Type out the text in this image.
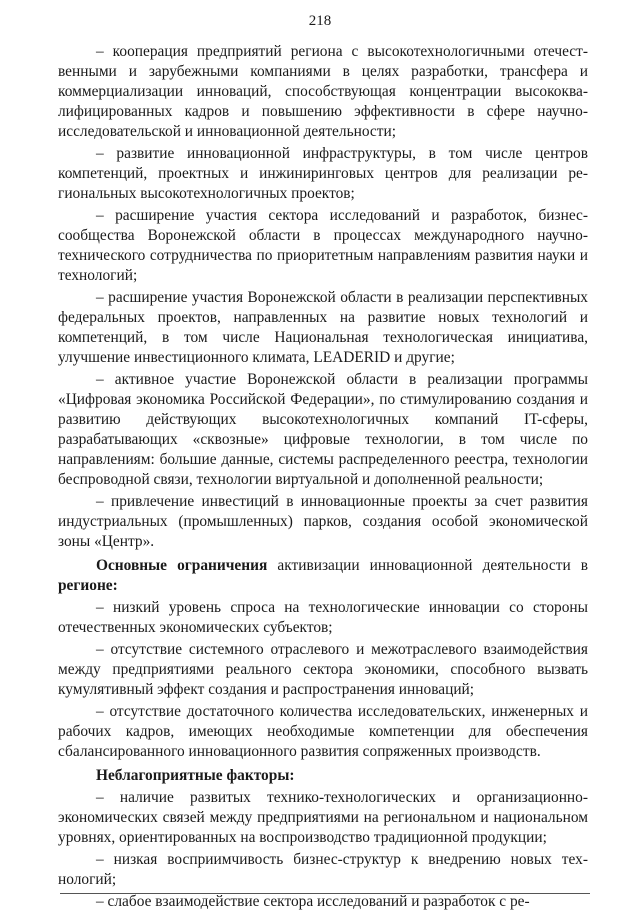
218

– кооперация предприятий региона с высокотехнологичными отечественными и зарубежными компаниями в целях разработки, трансфера и коммерциализации инноваций, способствующая концентрации высококвалифицированных кадров и повышению эффективности в сфере научно-исследовательской и инновационной деятельности;

– развитие инновационной инфраструктуры, в том числе центров компетенций, проектных и инжиниринговых центров для реализации региональных высокотехнологичных проектов;

– расширение участия сектора исследований и разработок, бизнес-сообщества Воронежской области в процессах международного научно-технического сотрудничества по приоритетным направлениям развития науки и технологий;

– расширение участия Воронежской области в реализации перспективных федеральных проектов, направленных на развитие новых технологий и компетенций, в том числе Национальная технологическая инициатива, улучшение инвестиционного климата, LEADERID и другие;

– активное участие Воронежской области в реализации программы «Цифровая экономика Российской Федерации», по стимулированию создания и развитию действующих высокотехнологичных компаний IT-сферы, разрабатывающих «сквозные» цифровые технологии, в том числе по направлениям: большие данные, системы распределенного реестра, технологии беспроводной связи, технологии виртуальной и дополненной реальности;

– привлечение инвестиций в инновационные проекты за счет развития индустриальных (промышленных) парков, создания особой экономической зоны «Центр».

Основные ограничения активизации инновационной деятельности в регионе:

– низкий уровень спроса на технологические инновации со стороны отечественных экономических субъектов;

– отсутствие системного отраслевого и межотраслевого взаимодействия между предприятиями реального сектора экономики, способного вызвать кумулятивный эффект создания и распространения инноваций;

– отсутствие достаточного количества исследовательских, инженерных и рабочих кадров, имеющих необходимые компетенции для обеспечения сбалансированного инновационного развития сопряженных производств.

Неблагоприятные факторы:

– наличие развитых технико-технологических и организационно-экономических связей между предприятиями на региональном и национальном уровнях, ориентированных на воспроизводство традиционной продукции;

– низкая восприимчивость бизнес-структур к внедрению новых технологий;

– слабое взаимодействие сектора исследований и разработок с ре-
